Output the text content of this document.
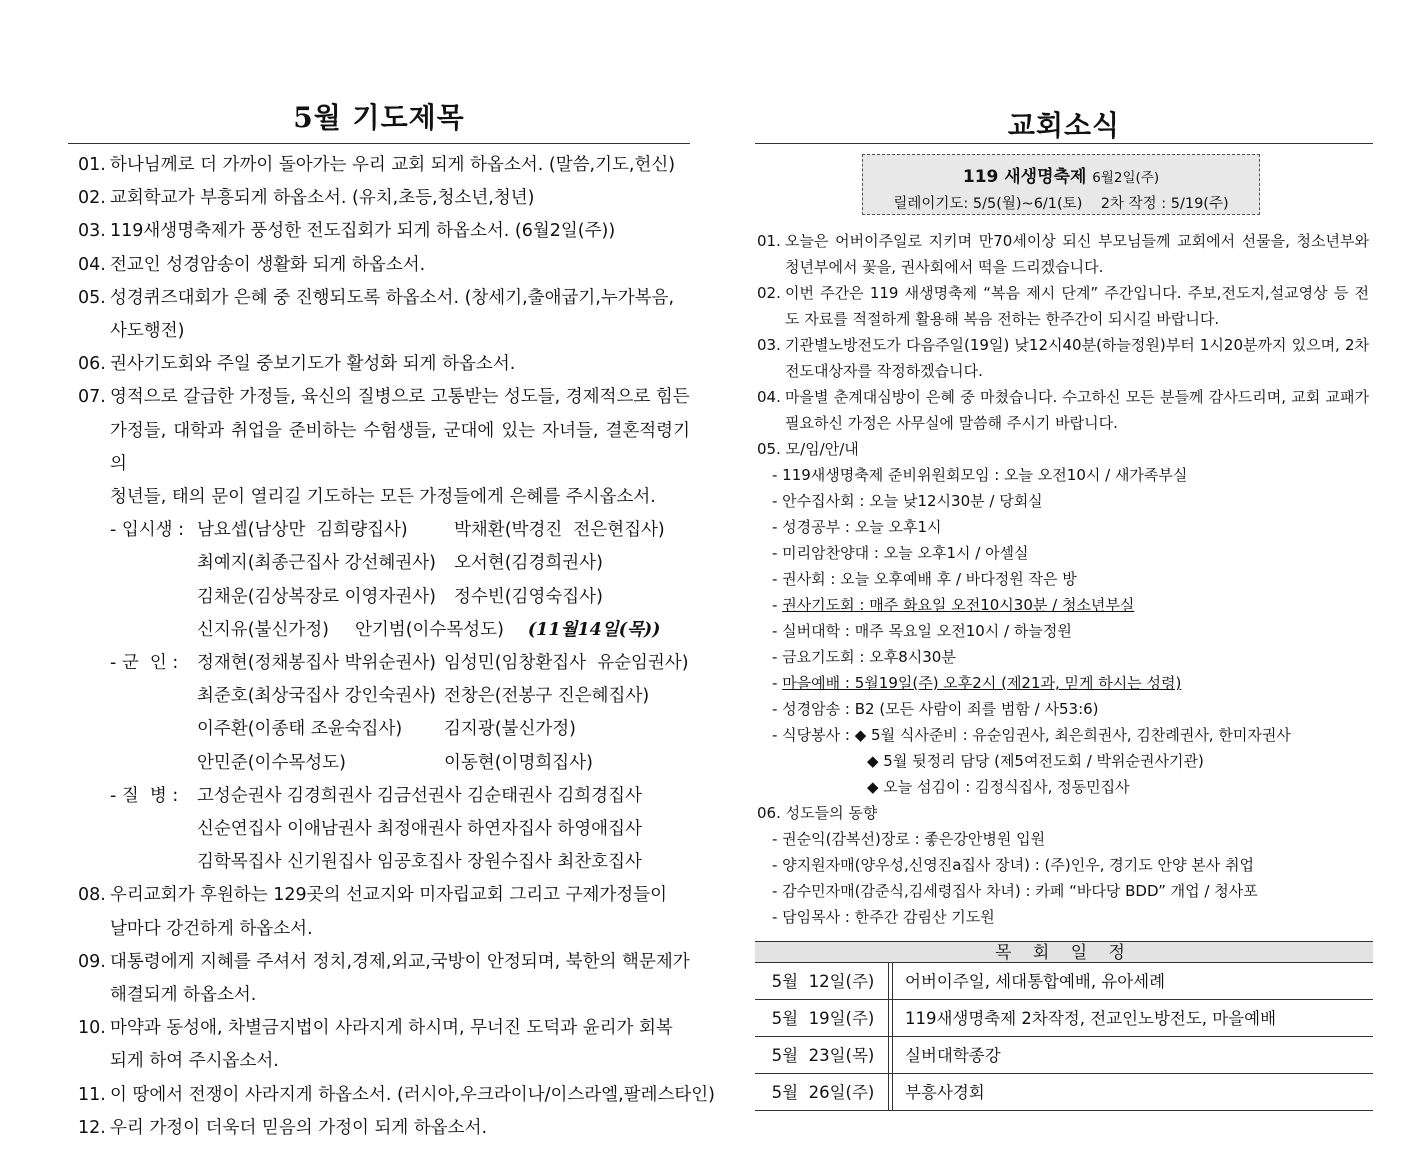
5월 기도제목
01. 하나님께로 더 가까이 돌아가는 우리 교회 되게 하옵소서. (말씀,기도,헌신)
02. 교회학교가 부흥되게 하옵소서. (유치,초등,청소년,청년)
03. 119새생명축제가 풍성한 전도집회가 되게 하옵소서. (6월2일(주))
04. 전교인 성경암송이 생활화 되게 하옵소서.
05. 성경퀴즈대회가 은혜 중 진행되도록 하옵소서. (창세기,출애굽기,누가복음,
사도행전)
06. 권사기도회와 주일 중보기도가 활성화 되게 하옵소서.
07. 영적으로 갈급한 가정들, 육신의 질병으로 고통받는 성도들, 경제적으로 힘든
가정들, 대학과 취업을 준비하는 수험생들, 군대에 있는 자녀들, 결혼적령기의
청년들, 태의 문이 열리길 기도하는 모든 가정들에게 은혜를 주시옵소서.
- 입시생 : 남요셉(남상만  김희량집사)	박채환(박경진  전은현집사)
최예지(최종근집사 강선혜권사) 오서현(김경희권사)
김채운(김상복장로 이영자권사) 정수빈(김영숙집사)
신지유(불신가정) 안기범(이수목성도) (11월14일(목))
- 군  인 :	정재현(정채봉집사 박위순권사) 임성민(임창환집사  유순임권사)
최준호(최상국집사 강인숙권사) 전창은(전봉구 진은혜집사)
이주환(이종태 조윤숙집사) 김지광(불신가정)
안민준(이수목성도)	이동현(이명희집사)
- 질  병 :	고성순권사 김경희권사 김금선권사 김순태권사 김희경집사
신순연집사 이애남권사 최정애권사 하연자집사 하영애집사
김학목집사 신기원집사 임공호집사 장원수집사 최찬호집사
08. 우리교회가 후원하는 129곳의 선교지와 미자립교회 그리고 구제가정들이
날마다 강건하게 하옵소서.
09. 대통령에게 지혜를 주셔서 정치,경제,외교,국방이 안정되며, 북한의 핵문제가
해결되게 하옵소서.
10. 마약과 동성애, 차별금지법이 사라지게 하시며, 무너진 도덕과 윤리가 회복
되게 하여 주시옵소서.
11. 이 땅에서 전쟁이 사라지게 하옵소서. (러시아,우크라이나/이스라엘,팔레스타인)
12. 우리 가정이 더욱더 믿음의 가정이 되게 하옵소서.
교회소식
119 새생명축제 6월2일(주)
릴레이기도: 5/5(월)~6/1(토)    2차 작정 : 5/19(주)
01. 오늘은 어버이주일로 지키며 만70세이상 되신 부모님들께 교회에서 선물을, 청소년부와 청년부에서 꽃을, 권사회에서 떡을 드리겠습니다.
02. 이번 주간은 119 새생명축제 “복음 제시 단계” 주간입니다. 주보,전도지,설교영상 등 전도 자료를 적절하게 활용해 복음 전하는 한주간이 되시길 바랍니다.
03. 기관별노방전도가 다음주일(19일) 낮12시40분(하늘정원)부터 1시20분까지 있으며, 2차 전도대상자를 작정하겠습니다.
04. 마을별 춘계대심방이 은혜 중 마쳤습니다. 수고하신 모든 분들께 감사드리며, 교회 교패가 필요하신 가정은 사무실에 말씀해 주시기 바랍니다.
05. 모/임/안/내
- 119새생명축제 준비위원회모임 : 오늘 오전10시 / 새가족부실
- 안수집사회 : 오늘 낮12시30분 / 당회실
- 성경공부 : 오늘 오후1시
- 미리암찬양대 : 오늘 오후1시 / 아셀실
- 권사회 : 오늘 오후예배 후 / 바다정원 작은 방
- 권사기도회 : 매주 화요일 오전10시30분 / 청소년부실
- 실버대학 : 매주 목요일 오전10시 / 하늘정원
- 금요기도회 : 오후8시30분
- 마을예배 : 5월19일(주) 오후2시 (제21과, 믿게 하시는 성령)
- 성경암송 : B2 (모든 사람이 죄를 범함 / 사53:6)
- 식당봉사 : ◆ 5월 식사준비 : 유순임권사, 최은희권사, 김찬례권사, 한미자권사
◆ 5월 뒷정리 담당 (제5여전도회 / 박위순권사기관)
◆ 오늘 섬김이 : 김정식집사, 정동민집사
06. 성도들의 동향
- 권순익(감복선)장로 : 좋은강안병원 입원
- 양지원자매(양우성,신영진a집사 장녀) : (주)인우, 경기도 안양 본사 취업
- 감수민자매(감준식,김세령집사 차녀) : 카페 “바다당 BDD” 개업 / 청사포
- 담임목사 : 한주간 감림산 기도원
목 회 일 정
5월  12일(주)	어버이주일, 세대통합예배, 유아세례
5월  19일(주)	119새생명축제 2차작정, 전교인노방전도, 마을예배
5월  23일(목)	실버대학종강
5월  26일(주)	부흥사경회
